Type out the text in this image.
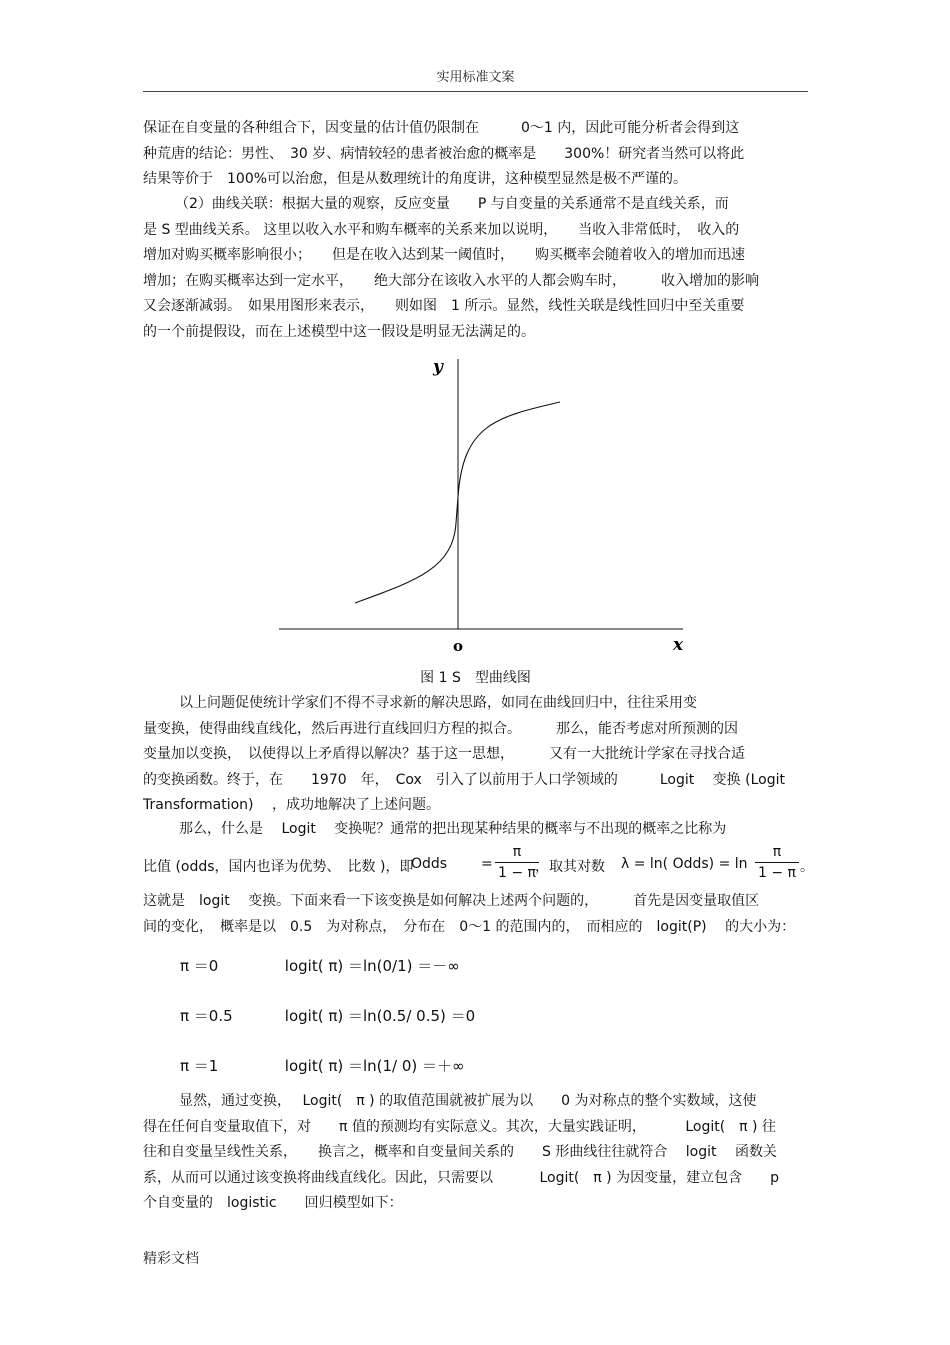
实用标准文案
保证在自变量的各种组合下，因变量的估计值仍限制在　　　0～1 内，因此可能分析者会得到这
种荒唐的结论：男性、　30 岁、病情较轻的患者被治愈的概率是　　300%！研究者当然可以将此
结果等价于　100%可以治愈，但是从数理统计的角度讲，这种模型显然是极不严谨的。
（2）曲线关联：根据大量的观察，反应变量　　P 与自变量的关系通常不是直线关系，而
是 S 型曲线关系。 这里以收入水平和购车概率的关系来加以说明，　　当收入非常低时，　收入的
增加对购买概率影响很小；　　但是在收入达到某一阈值时，　　购买概率会随着收入的增加而迅速
增加；在购买概率达到一定水平，　　绝大部分在该收入水平的人都会购车时，　　　收入增加的影响
又会逐渐减弱。　如果用图形来表示，　　则如图　1 所示。显然，线性关联是线性回归中至关重要
的一个前提假设，而在上述模型中这一假设是明显无法满足的。
y
x
o
图 1 S　型曲线图
以上问题促使统计学家们不得不寻求新的解决思路，如同在曲线回归中，往往采用变
量变换，使得曲线直线化，然后再进行直线回归方程的拟合。　　　那么，能否考虑对所预测的因
变量加以变换，　以使得以上矛盾得以解决？基于这一思想，　　　又有一大批统计学家在寻找合适
的变换函数。终于，在　　1970　年，　Cox　引入了以前用于人口学领域的　　　Logit　 变换 (Logit
Transformation)　 ，成功地解决了上述问题。
那么，什么是　 Logit　 变换呢？通常的把出现某种结果的概率与不出现的概率之比称为
比值 (odds，国内也译为优势、　比数 )，即
Odds =
π
1 − π ，取其对数 λ = ln( Odds) = ln
π
1 − π 。
这就是　logit　 变换。下面来看一下该变换是如何解决上述两个问题的，　　　首先是因变量取值区
间的变化，　概率是以　0.5　为对称点，　分布在　0～1 的范围内的，　而相应的　logit(P)　 的大小为：
π ＝0	logit( π) ＝ln(0/1) ＝－∞
π ＝0.5	logit( π) ＝ln(0.5/ 0.5) ＝0
π ＝1	logit( π) ＝ln(1/ 0) ＝＋∞
显然，通过变换，　 Logit(　π ) 的取值范围就被扩展为以　　0 为对称点的整个实数域，这使
得在任何自变量取值下，对　　π 值的预测均有实际意义。其次，大量实践证明，　　　 Logit(　π ) 往
往和自变量呈线性关系，　　换言之，概率和自变量间关系的　　S 形曲线往往就符合　 logit　 函数关
系，从而可以通过该变换将曲线直线化。因此，只需要以　　　 Logit(　π ) 为因变量，建立包含　　p
个自变量的　logistic　　回归模型如下：
精彩文档
